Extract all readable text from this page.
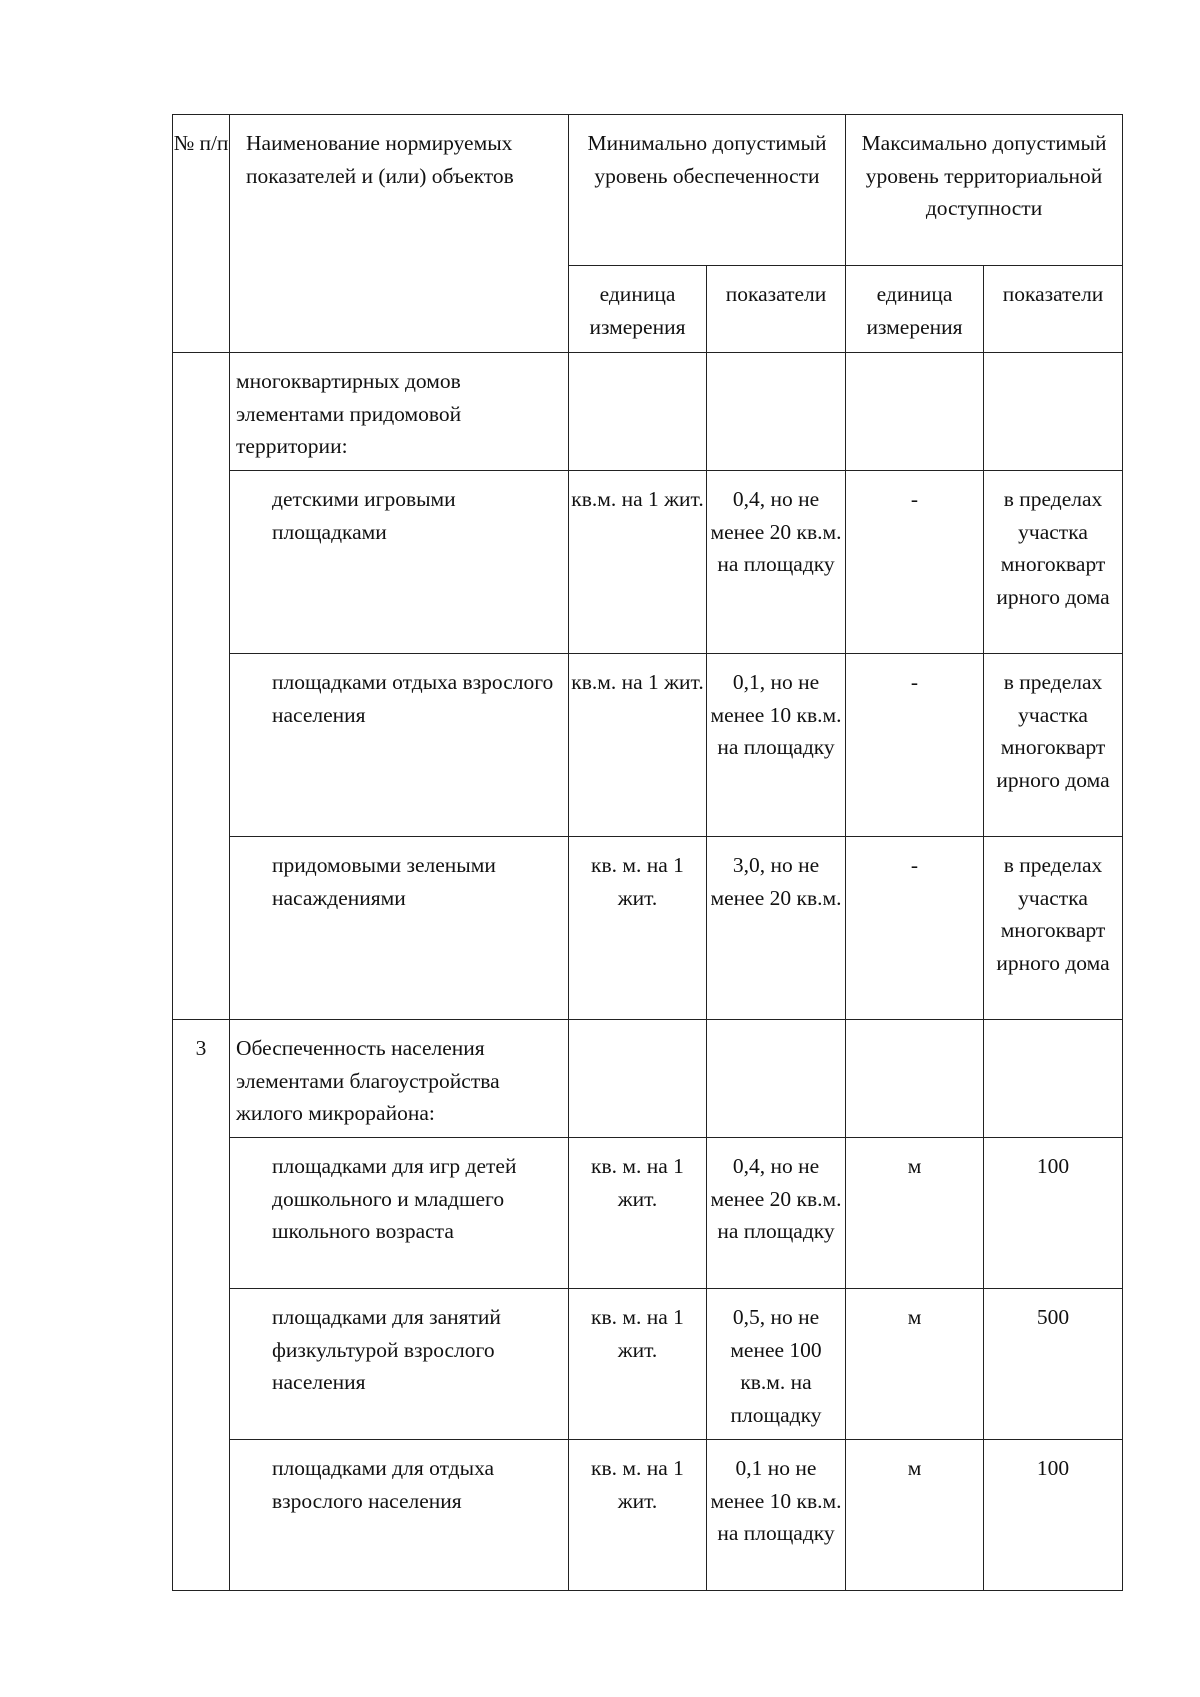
№ п/п	Наименование нормируемых показателей и (или) объектов	Минимально допустимый уровень обеспеченности		Максимально допустимый уровень территориальной доступности	
		единица измерения	показатели	единица измерения	показатели
	многоквартирных домов элементами придомовой территории:				
	детскими игровыми площадками	кв.м. на 1 жит.	0,4, но не менее 20 кв.м. на площадку	-	в пределах участка многокварт ирного дома
	площадками отдыха взрослого населения	кв.м. на 1 жит.	0,1, но не менее 10 кв.м. на площадку	-	в пределах участка многокварт ирного дома
	придомовыми зелеными насаждениями	кв. м. на 1 жит.	3,0, но не менее 20 кв.м.	-	в пределах участка многокварт ирного дома
3	Обеспеченность населения элементами благоустройства жилого микрорайона:				
	площадками для игр детей дошкольного и младшего школьного возраста	кв. м. на 1 жит.	0,4, но не менее 20 кв.м. на площадку	м	100
	площадками для занятий физкультурой взрослого населения	кв. м. на 1 жит.	0,5, но не менее 100 кв.м. на площадку	м	500
	площадками для отдыха взрослого населения	кв. м. на 1 жит.	0,1 но не менее 10 кв.м. на площадку	м	100
